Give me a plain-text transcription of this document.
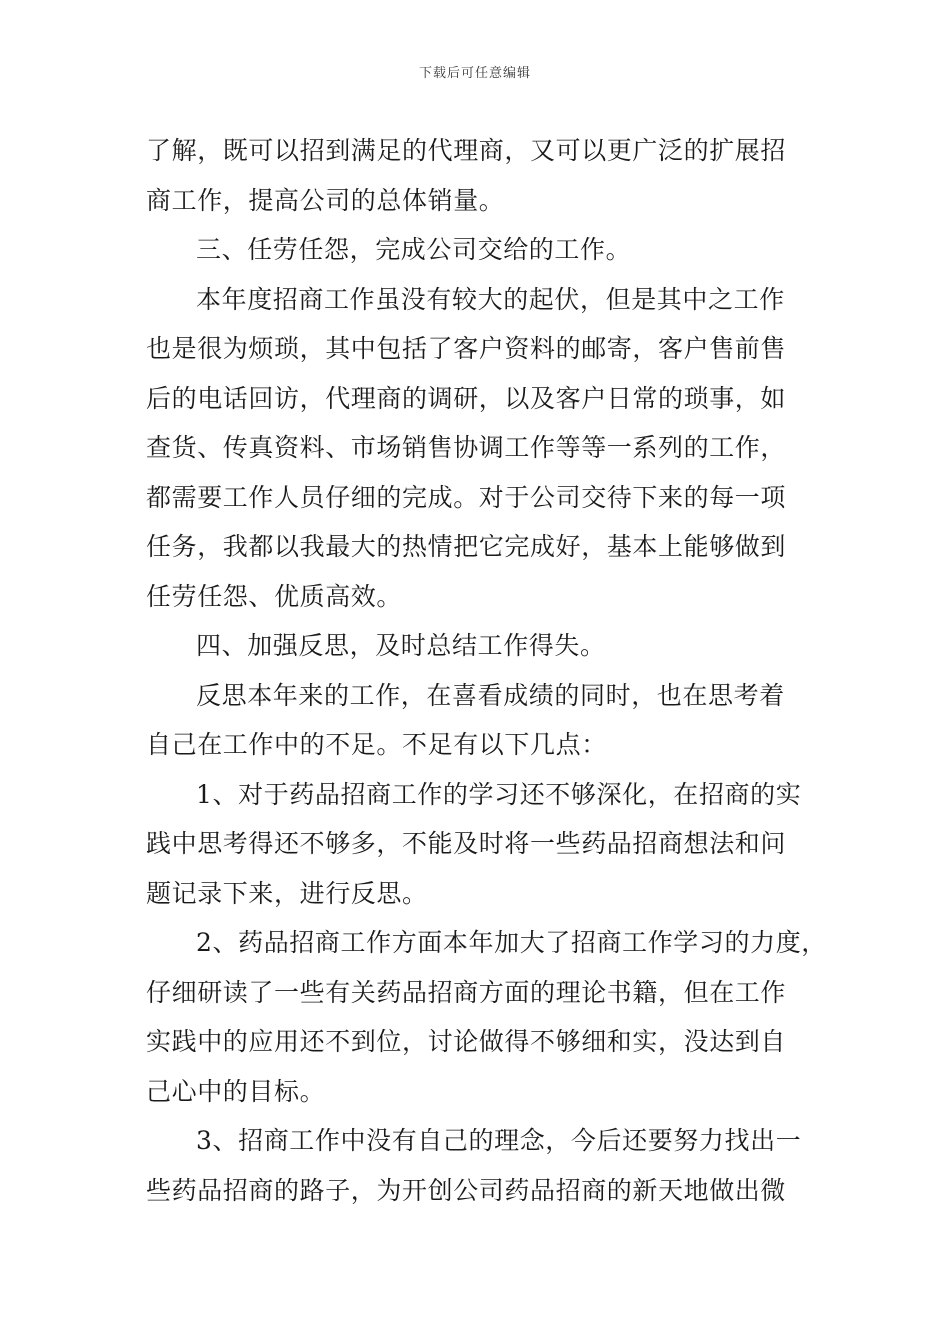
下载后可任意编辑
了解，既可以招到满足的代理商，又可以更广泛的扩展招
商工作，提高公司的总体销量。
三、任劳任怨，完成公司交给的工作。
本年度招商工作虽没有较大的起伏，但是其中之工作
也是很为烦琐，其中包括了客户资料的邮寄，客户售前售
后的电话回访，代理商的调研，以及客户日常的琐事，如
查货、传真资料、市场销售协调工作等等一系列的工作，
都需要工作人员仔细的完成。对于公司交待下来的每一项
任务，我都以我最大的热情把它完成好，基本上能够做到
任劳任怨、优质高效。
四、加强反思，及时总结工作得失。
反思本年来的工作，在喜看成绩的同时，也在思考着
自己在工作中的不足。不足有以下几点：
1、对于药品招商工作的学习还不够深化，在招商的实
践中思考得还不够多，不能及时将一些药品招商想法和问
题记录下来，进行反思。
2、药品招商工作方面本年加大了招商工作学习的力度，
仔细研读了一些有关药品招商方面的理论书籍，但在工作
实践中的应用还不到位，讨论做得不够细和实，没达到自
己心中的目标。
3、招商工作中没有自己的理念，今后还要努力找出一
些药品招商的路子，为开创公司药品招商的新天地做出微
